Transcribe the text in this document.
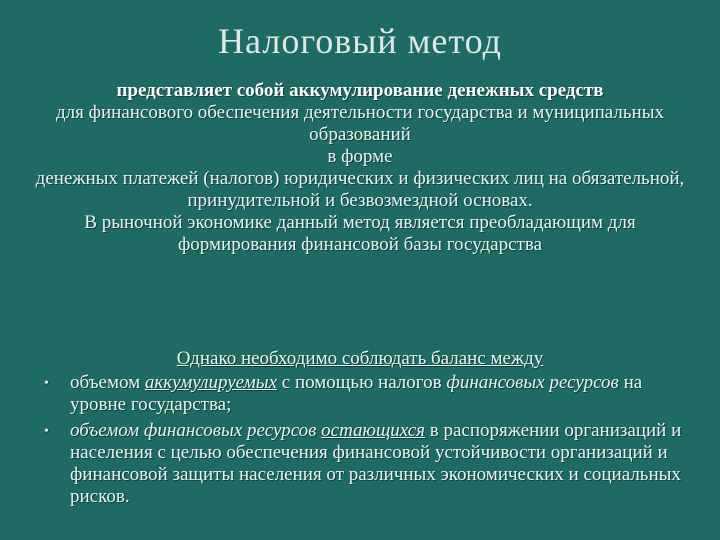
Налоговый метод

представляет собой аккумулирование денежных средств

для финансового обеспечения деятельности государства и муниципальных образований

в форме

денежных платежей (налогов) юридических и физических лиц на обязательной, принудительной и безвозмездной основах.

В рыночной экономике данный метод является преобладающим для формирования финансовой базы государства

Однако необходимо соблюдать баланс между
• объемом аккумулируемых с помощью налогов финансовых ресурсов на уровне государства;
• объемом финансовых ресурсов остающихся в распоряжении организаций и населения с целью обеспечения финансовой устойчивости организаций и финансовой защиты населения от различных экономических и социальных рисков.
